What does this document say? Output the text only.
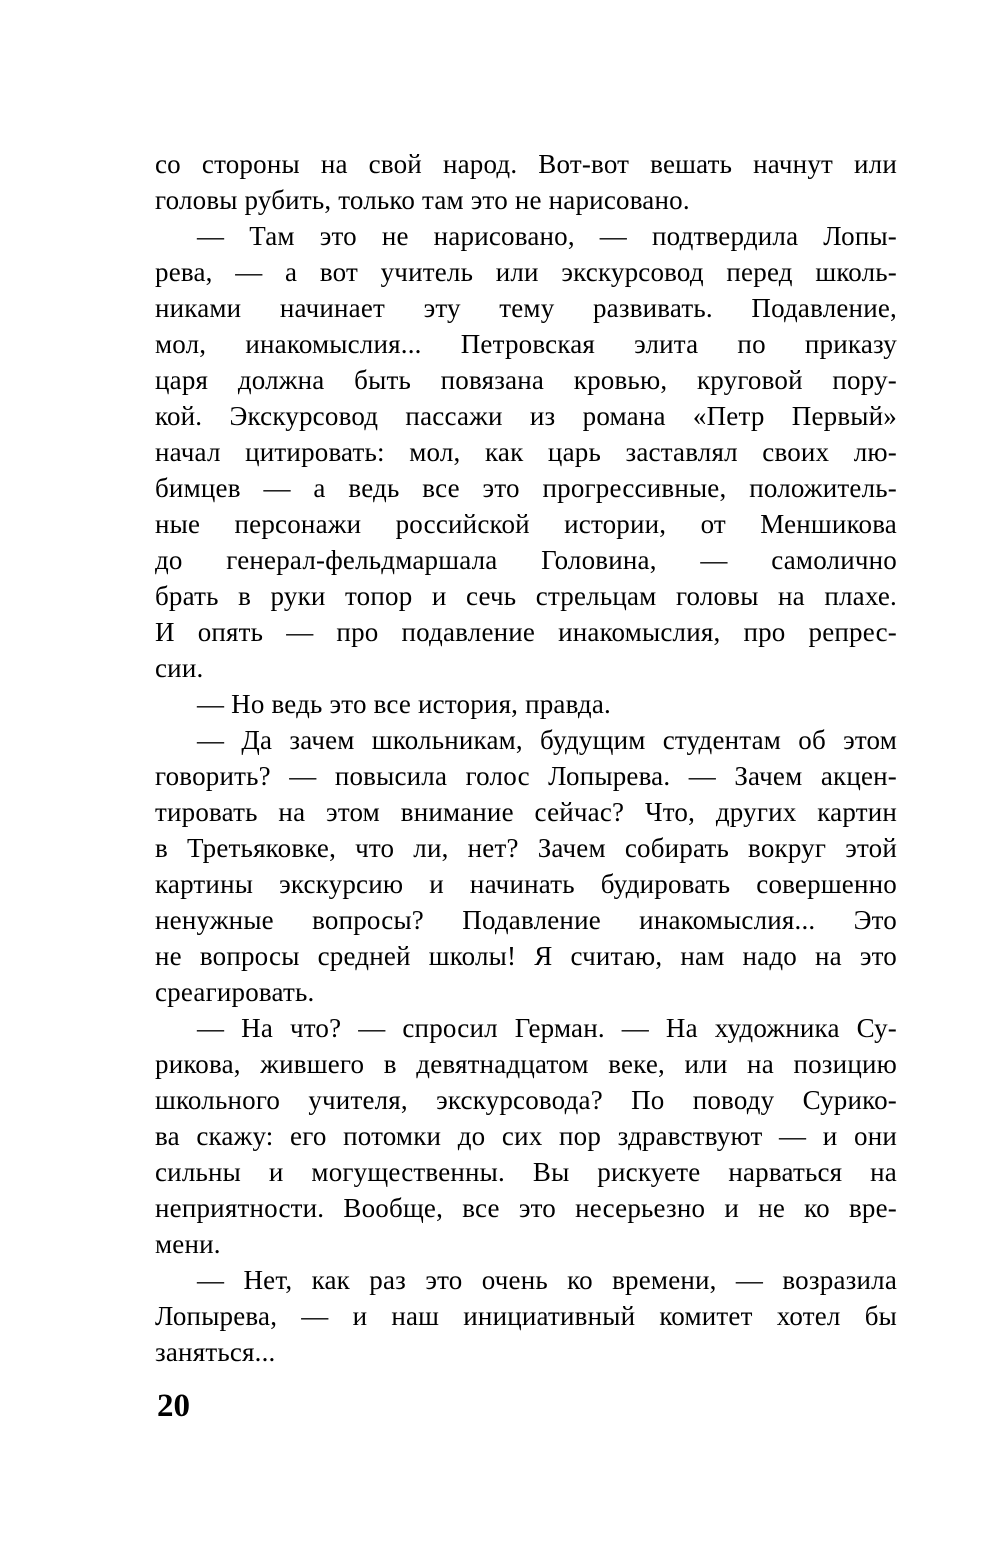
со стороны на свой народ. Вот-вот вешать начнут или
головы рубить, только там это не нарисовано.
— Там это не нарисовано, — подтвердила Лопы-
рева, — а вот учитель или экскурсовод перед школь-
никами начинает эту тему развивать. Подавление,
мол, инакомыслия... Петровская элита по приказу
царя должна быть повязана кровью, круговой пору-
кой. Экскурсовод пассажи из романа «Петр Первый»
начал цитировать: мол, как царь заставлял своих лю-
бимцев — а ведь все это прогрессивные, положитель-
ные персонажи российской истории, от Меншикова
до генерал-фельдмаршала Головина, — самолично
брать в руки топор и сечь стрельцам головы на плахе.
И опять — про подавление инакомыслия, про репрес-
сии.
— Но ведь это все история, правда.
— Да зачем школьникам, будущим студентам об этом
говорить? — повысила голос Лопырева. — Зачем акцен-
тировать на этом внимание сейчас? Что, других картин
в Третьяковке, что ли, нет? Зачем собирать вокруг этой
картины экскурсию и начинать будировать совершенно
ненужные вопросы? Подавление инакомыслия... Это
не вопросы средней школы! Я считаю, нам надо на это
среагировать.
— На что? — спросил Герман. — На художника Су-
рикова, жившего в девятнадцатом веке, или на позицию
школьного учителя, экскурсовода? По поводу Сурико-
ва скажу: его потомки до сих пор здравствуют — и они
сильны и могущественны. Вы рискуете нарваться на
неприятности. Вообще, все это несерьезно и не ко вре-
мени.
— Нет, как раз это очень ко времени, — возразила
Лопырева, — и наш инициативный комитет хотел бы
заняться...
20
